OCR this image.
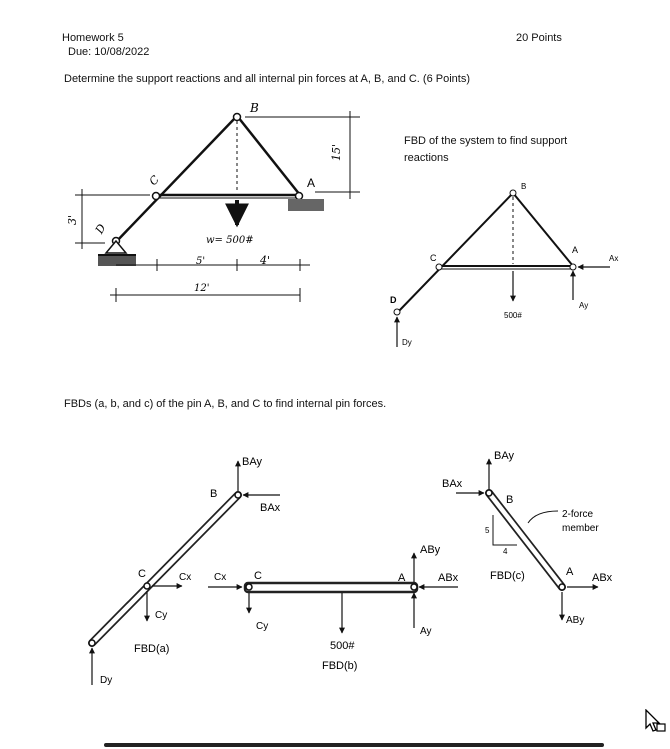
Homework 5
Due: 10/08/2022
20 Points
Determine the support reactions and all internal pin forces at A, B, and C. (6 Points)
B
A
C
D
15'
3'
w= 500#
5'	4'
12'
FBD of the system to find support
reactions
B
C
A
Ax
Ay
D
Dy
500#
FBDs (a, b, and c) of the pin A, B, and C to find internal pin forces.
BAy
B
BAx
C	Cx
Cy
FBD(a)
Dy
Cx	C
Cy
ABy
A	ABx
Ay
500#
FBD(b)
BAy
BAx
B
5
4
2-force
member
FBD(c)	A ABx
ABy
